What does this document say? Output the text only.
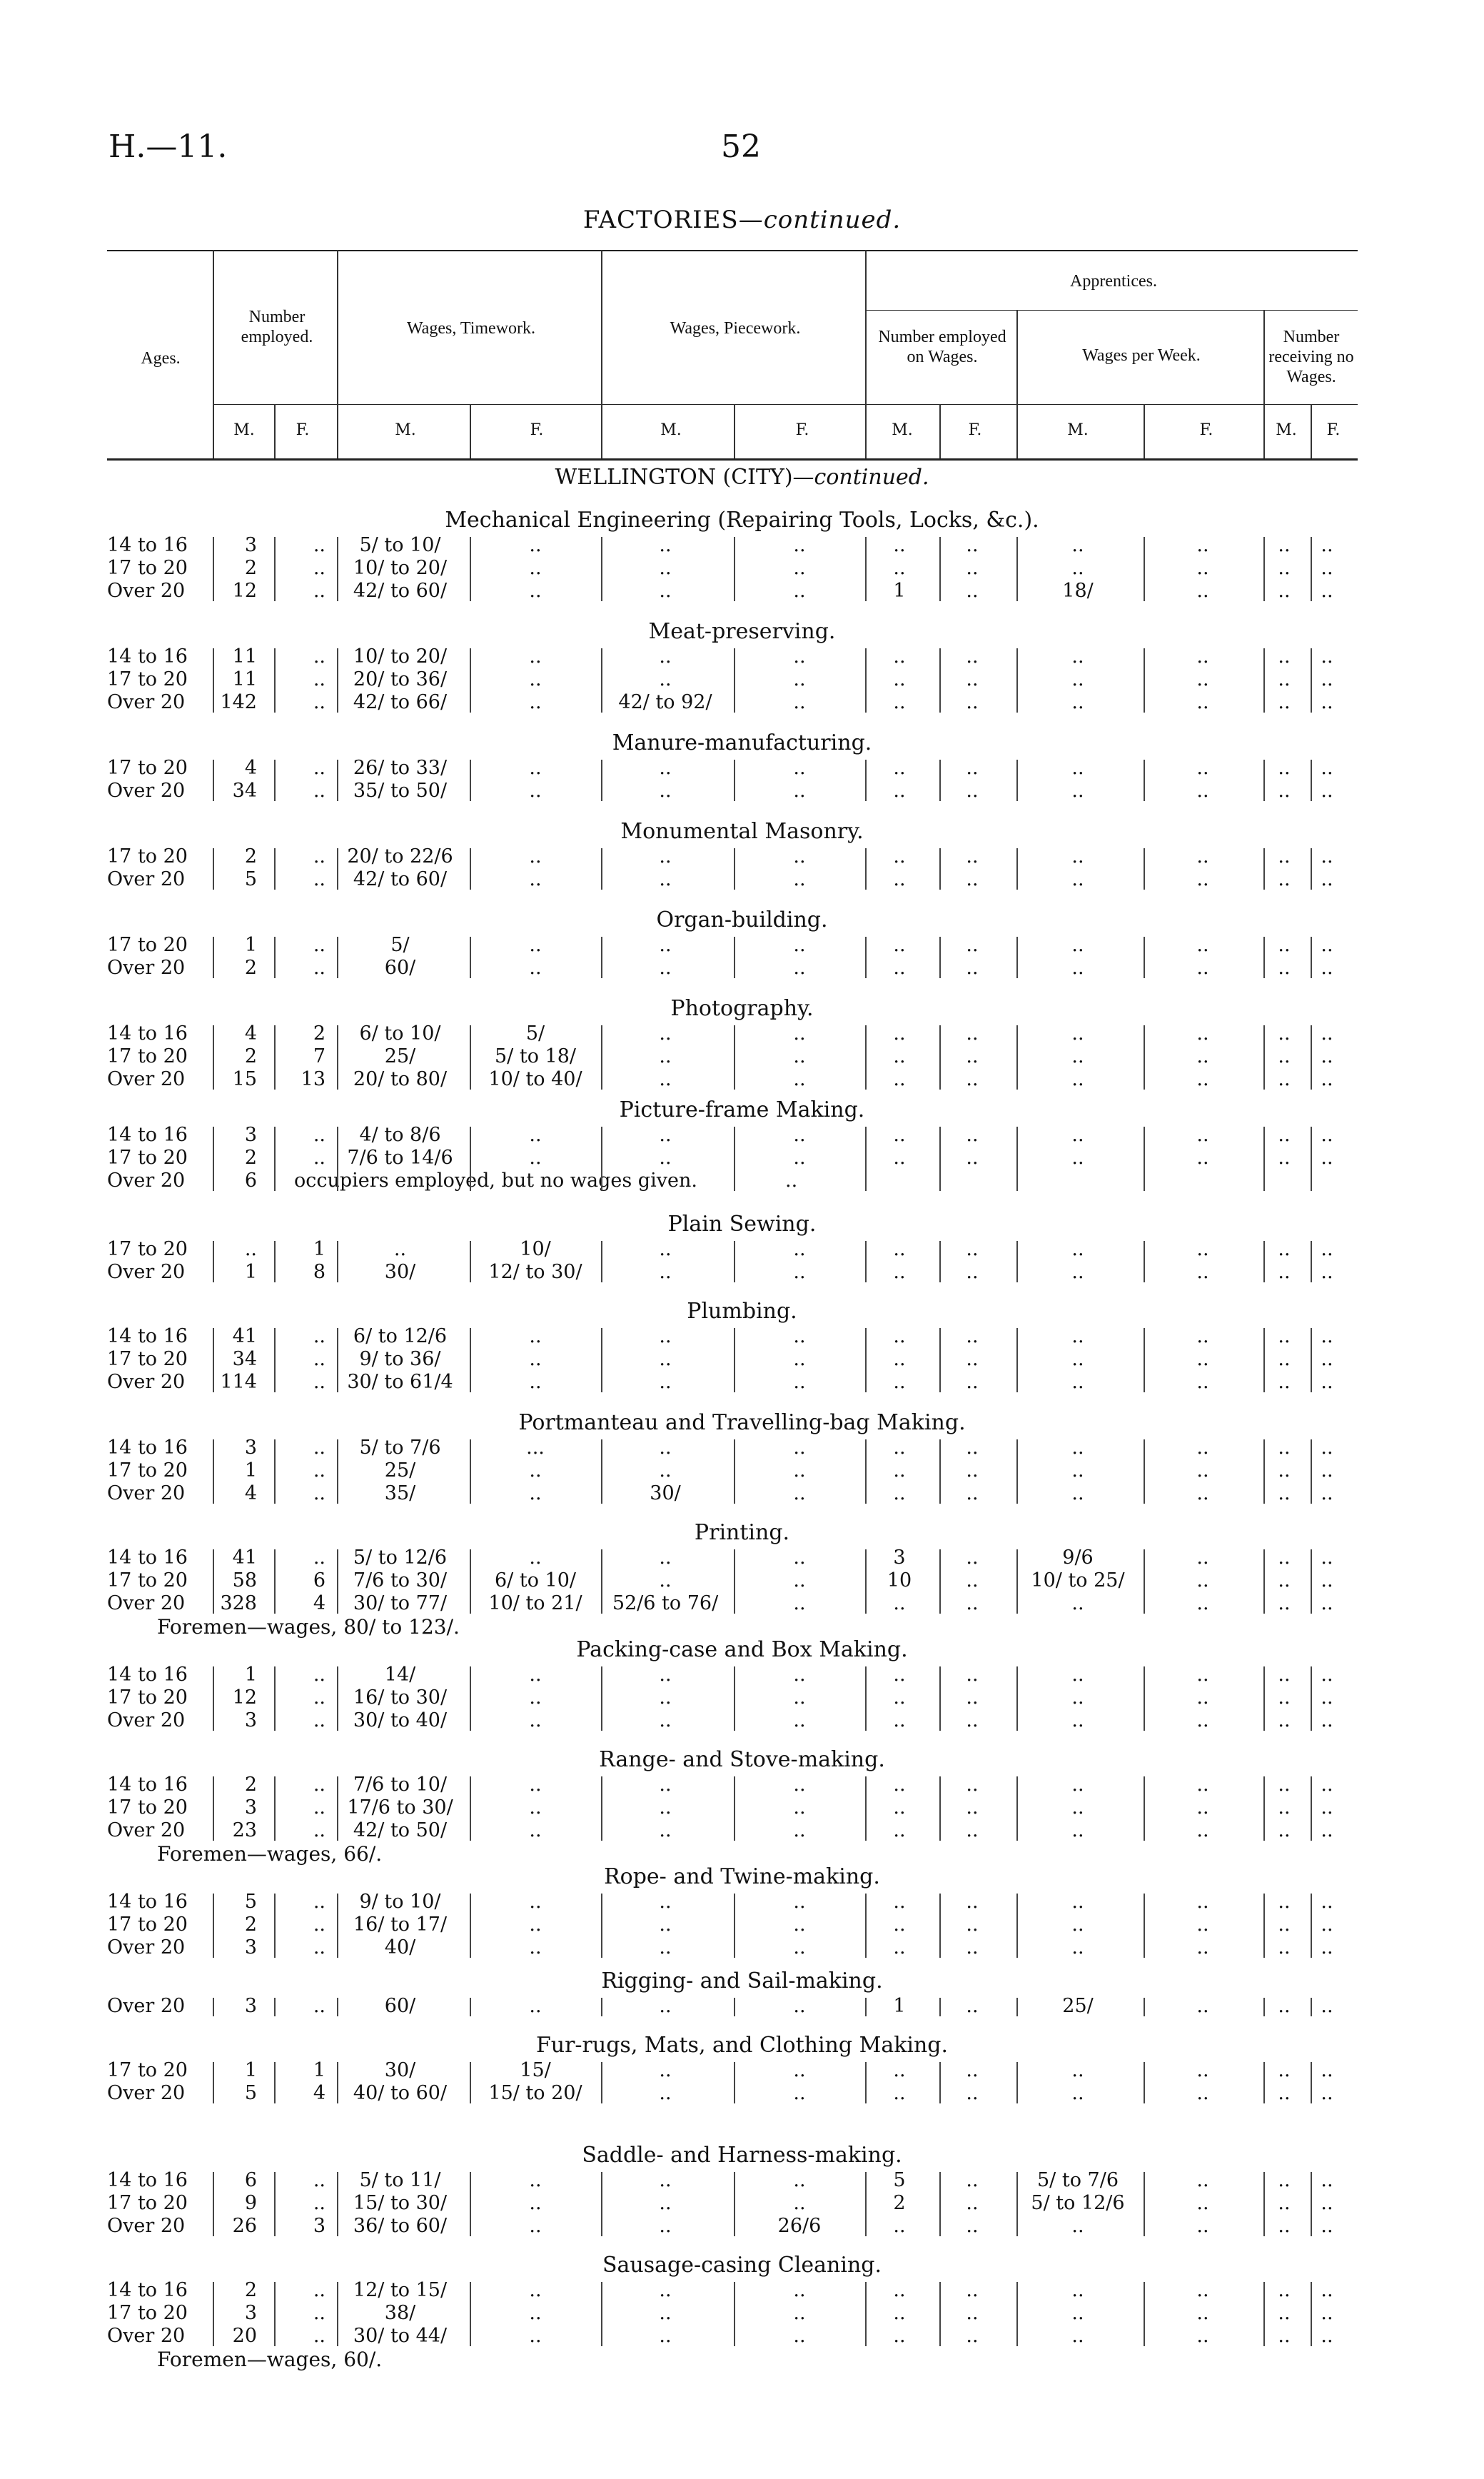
H.—11.	52
FACTORIES—continued.
Ages.
Number employed.	Wages, Timework.	Wages, Piecework.
Apprentices.
Number employed on Wages.	Wages per Week.
Number receiving no Wages.
M.	F.	M.	F.	M.	F.	M.	F.	M.	F.	M.	F.
WELLINGTON (CITY)—continued.
Mechanical Engineering (Repairing Tools, Locks, &c.).
14 to 16	3	..	5/ to 10/	..	..	..	..	..	..	..	..	..
17 to 20	2	..	10/ to 20/	..	..	..	..	..	..	..	..	..
Over 20	12	..	42/ to 60/	..	..	..	1	..	18/	..	..	..
Meat-preserving.
14 to 16	11	..	10/ to 20/	..	..	..	..	..	..	..	..	..
17 to 20	11	..	20/ to 36/	..	..	..	..	..	..	..	..	..
Over 20	142	..	42/ to 66/	..	42/ to 92/	..	..	..	..	..	..	..
Manure-manufacturing.
17 to 20	4	..	26/ to 33/	..	..	..	..	..	..	..	..	..
Over 20	34	..	35/ to 50/	..	..	..	..	..	..	..	..	..
Monumental Masonry.
17 to 20	2	..	20/ to 22/6	..	..	..	..	..	..	..	..	..
Over 20	5	..	42/ to 60/	..	..	..	..	..	..	..	..	..
Organ-building.
17 to 20	1	..	5/	..	..	..	..	..	..	..	..	..
Over 20	2	..	60/	..	..	..	..	..	..	..	..	..
Photography.
14 to 16	4	2	6/ to 10/	5/	..	..	..	..	..	..	..	..
17 to 20	2	7	25/	5/ to 18/	..	..	..	..	..	..	..	..
Over 20	15	13	20/ to 80/	10/ to 40/	..	..	..	..	..	..	..	..
Picture-frame Making.
14 to 16	3	..	4/ to 8/6	..	..	..	..	..	..	..	..	..
17 to 20	2	..	7/6 to 14/6	..	..	..	..	..	..	..	..	..
Over 20	6 occupiers employed, but no wages given.	..
Plain Sewing.
17 to 20	..	1	..	10/	..	..	..	..	..	..	..	..
Over 20	1	8	30/	12/ to 30/	..	..	..	..	..	..	..	..
Plumbing.
14 to 16	41	..	6/ to 12/6	..	..	..	..	..	..	..	..	..
17 to 20	34	..	9/ to 36/	..	..	..	..	..	..	..	..	..
Over 20	114	..	30/ to 61/4	..	..	..	..	..	..	..	..	..
Portmanteau and Travelling-bag Making.
14 to 16	3	..	5/ to 7/6	...	..	..	..	..	..	..	..	..
17 to 20	1	..	25/	..	..	..	..	..	..	..	..	..
Over 20	4	..	35/	..	30/	..	..	..	..	..	..	..
Printing.
14 to 16	41	..	5/ to 12/6	..	..	..	3	..	9/6	..	..	..
17 to 20	58	6	7/6 to 30/	6/ to 10/	..	..	10	..	10/ to 25/	..	..	..
Over 20	328	4	30/ to 77/	10/ to 21/	52/6 to 76/	..	..	..	..	..	..	..
Foremen—wages, 80/ to 123/.
Packing-case and Box Making.
14 to 16	1	..	14/	..	..	..	..	..	..	..	..	..
17 to 20	12	..	16/ to 30/	..	..	..	..	..	..	..	..	..
Over 20	3	..	30/ to 40/	..	..	..	..	..	..	..	..	..
Range- and Stove-making.
14 to 16	2	..	7/6 to 10/	..	..	..	..	..	..	..	..	..
17 to 20	3	..	17/6 to 30/	..	..	..	..	..	..	..	..	..
Over 20	23	..	42/ to 50/	..	..	..	..	..	..	..	..	..
Foremen—wages, 66/.
Rope- and Twine-making.
14 to 16	5	..	9/ to 10/	..	..	..	..	..	..	..	..	..
17 to 20	2	..	16/ to 17/	..	..	..	..	..	..	..	..	..
Over 20	3	..	40/	..	..	..	..	..	..	..	..	..
Rigging- and Sail-making.
Over 20	3	..	60/	..	..	..	1	..	25/	..	..	..
Fur-rugs, Mats, and Clothing Making.
17 to 20	1	1	30/	15/	..	..	..	..	..	..	..	..
Over 20	5	4	40/ to 60/	15/ to 20/	..	..	..	..	..	..	..	..
Saddle- and Harness-making.
14 to 16	6	..	5/ to 11/	..	..	..	5	..	5/ to 7/6	..	..	..
17 to 20	9	..	15/ to 30/	..	..	..	2	..	5/ to 12/6	..	..	..
Over 20	26	3	36/ to 60/	..	..	26/6	..	..	..	..	..	..
Sausage-casing Cleaning.
14 to 16	2	..	12/ to 15/	..	..	..	..	..	..	..	..	..
17 to 20	3	..	38/	..	..	..	..	..	..	..	..	..
Over 20	20	..	30/ to 44/	..	..	..	..	..	..	..	..	..
Foremen—wages, 60/.
